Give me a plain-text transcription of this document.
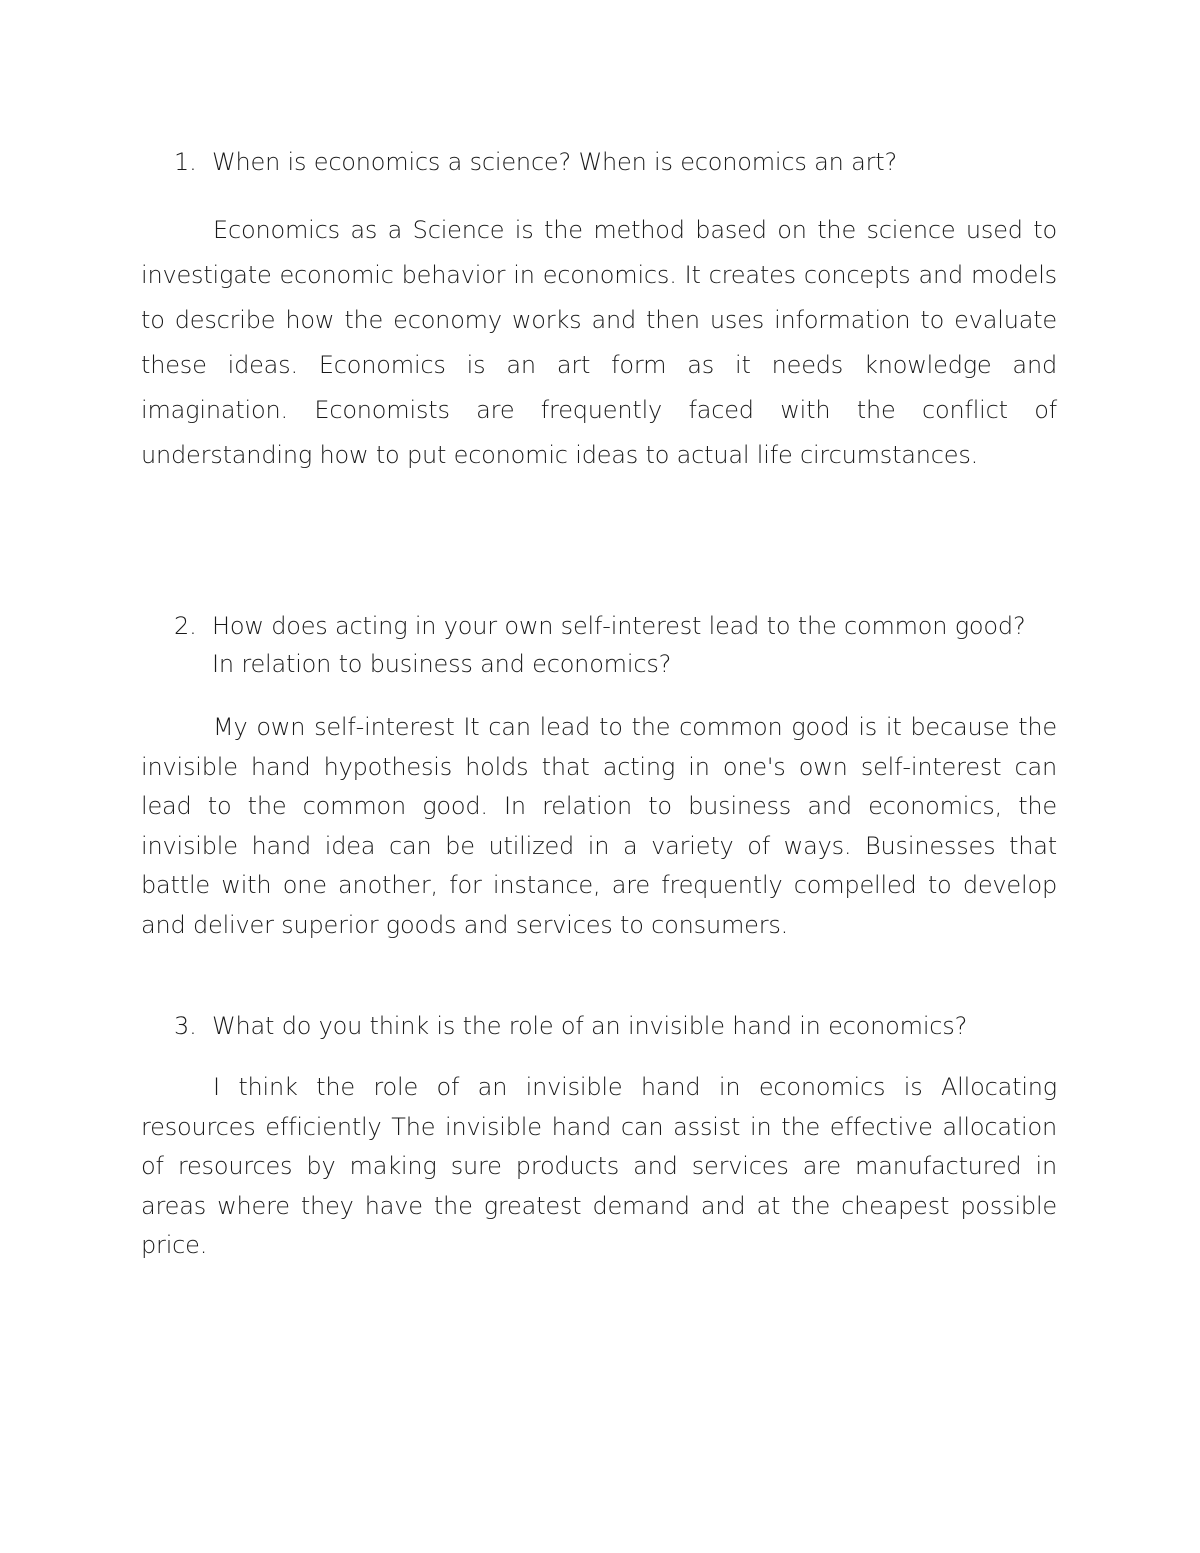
1. When is economics a science? When is economics an art?

Economics as a Science is the method based on the science used to investigate economic behavior in economics. It creates concepts and models to describe how the economy works and then uses information to evaluate these ideas. Economics is an art form as it needs knowledge and imagination. Economists are frequently faced with the conflict of understanding how to put economic ideas to actual life circumstances.

2. How does acting in your own self-interest lead to the common good? In relation to business and economics?

My own self-interest It can lead to the common good is it because the invisible hand hypothesis holds that acting in one's own self-interest can lead to the common good. In relation to business and economics, the invisible hand idea can be utilized in a variety of ways. Businesses that battle with one another, for instance, are frequently compelled to develop and deliver superior goods and services to consumers.

3. What do you think is the role of an invisible hand in economics?

I think the role of an invisible hand in economics is Allocating resources efficiently The invisible hand can assist in the effective allocation of resources by making sure products and services are manufactured in areas where they have the greatest demand and at the cheapest possible price.
